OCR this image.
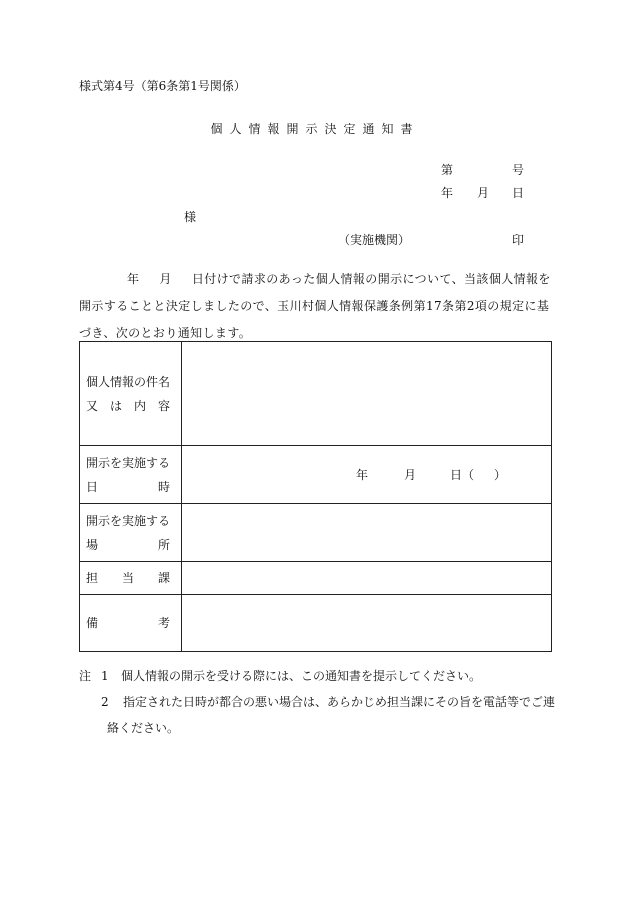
様式第4号（第6条第1号関係）
個人情報開示決定通知書
第	号
年 月 日
様
（実施機関）	印
年 月 日付けで請求のあった個人情報の開示について、当該個人情報を開示することと決定しましたので、玉川村個人情報保護条例第17条第2項の規定に基づき、次のとおり通知します。
個人情報の件名
又 は 内 容	

開示を実施する
日 時	年 月 日（ ）

開示を実施する
場 所	

担 当 課	

備 考	

注 1	個人情報の開示を受ける際には、この通知書を提示してください。
2	指定された日時が都合の悪い場合は、あらかじめ担当課にその旨を電話等でご連
絡ください。
